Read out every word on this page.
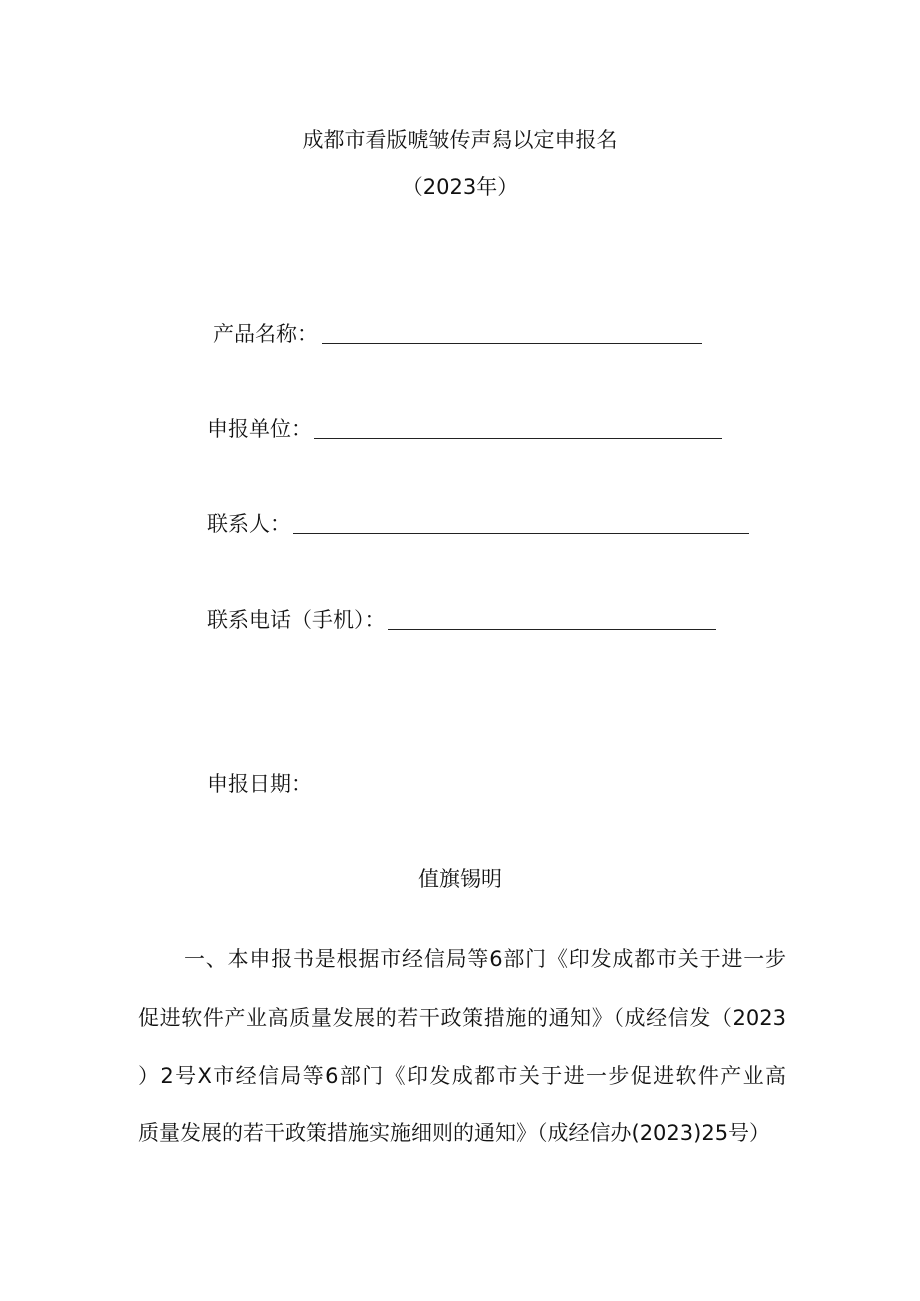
成都市看版唬皱传声舄以定申报名
（2023年）
产品名称：
申报单位：
联系人：
联系电话（手机）：
申报日期：
值旗锡明
一、本申报书是根据市经信局等6部门《印发成都市关于进一步
促进软件产业高质量发展的若干政策措施的通知》（成经信发（2023
）2号X市经信局等6部门《印发成都市关于进一步促进软件产业高
质量发展的若干政策措施实施细则的通知》（成经信办(2023)25号）
